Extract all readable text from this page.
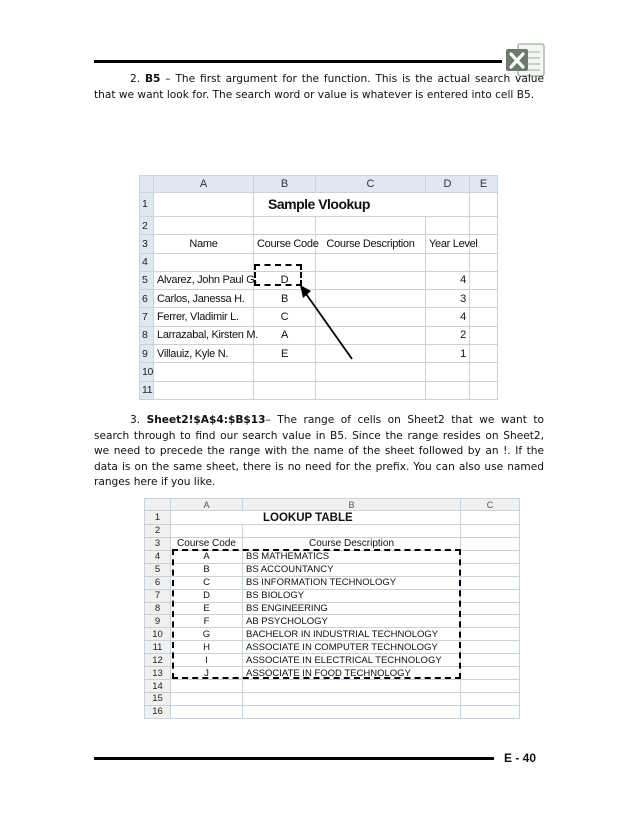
2. B5 – The first argument for the function. This is the actual search value that we want look for. The search word or value is whatever is entered into cell B5.

	A	B	C	D	E
1		Sample Vlookup			
2					
3	Name	Course Code	Course Description	Year Level	
4					
5	Alvarez, John Paul G.	D		4	
6	Carlos, Janessa H.	B		3	
7	Ferrer, Vladimir L.	C		4	
8	Larrazabal, Kirsten M.	A		2	
9	Villauiz, Kyle N.	E		1	
10					
11					

3. Sheet2!$A$4:$B$13– The range of cells on Sheet2 that we want to search through to find our search value in B5. Since the range resides on Sheet2, we need to precede the range with the name of the sheet followed by an !. If the data is on the same sheet, there is no need for the prefix. You can also use named ranges here if you like.

	A	B	C
1	LOOKUP TABLE		
2			
3	Course Code	Course Description	
4	A	BS MATHEMATICS	
5	B	BS ACCOUNTANCY	
6	C	BS INFORMATION TECHNOLOGY	
7	D	BS BIOLOGY	
8	E	BS ENGINEERING	
9	F	AB PSYCHOLOGY	
10	G	BACHELOR IN INDUSTRIAL TECHNOLOGY	
11	H	ASSOCIATE IN COMPUTER TECHNOLOGY	
12	I	ASSOCIATE IN ELECTRICAL TECHNOLOGY	
13	J	ASSOCIATE IN FOOD TECHNOLOGY	
14			
15			
16			
E - 40
